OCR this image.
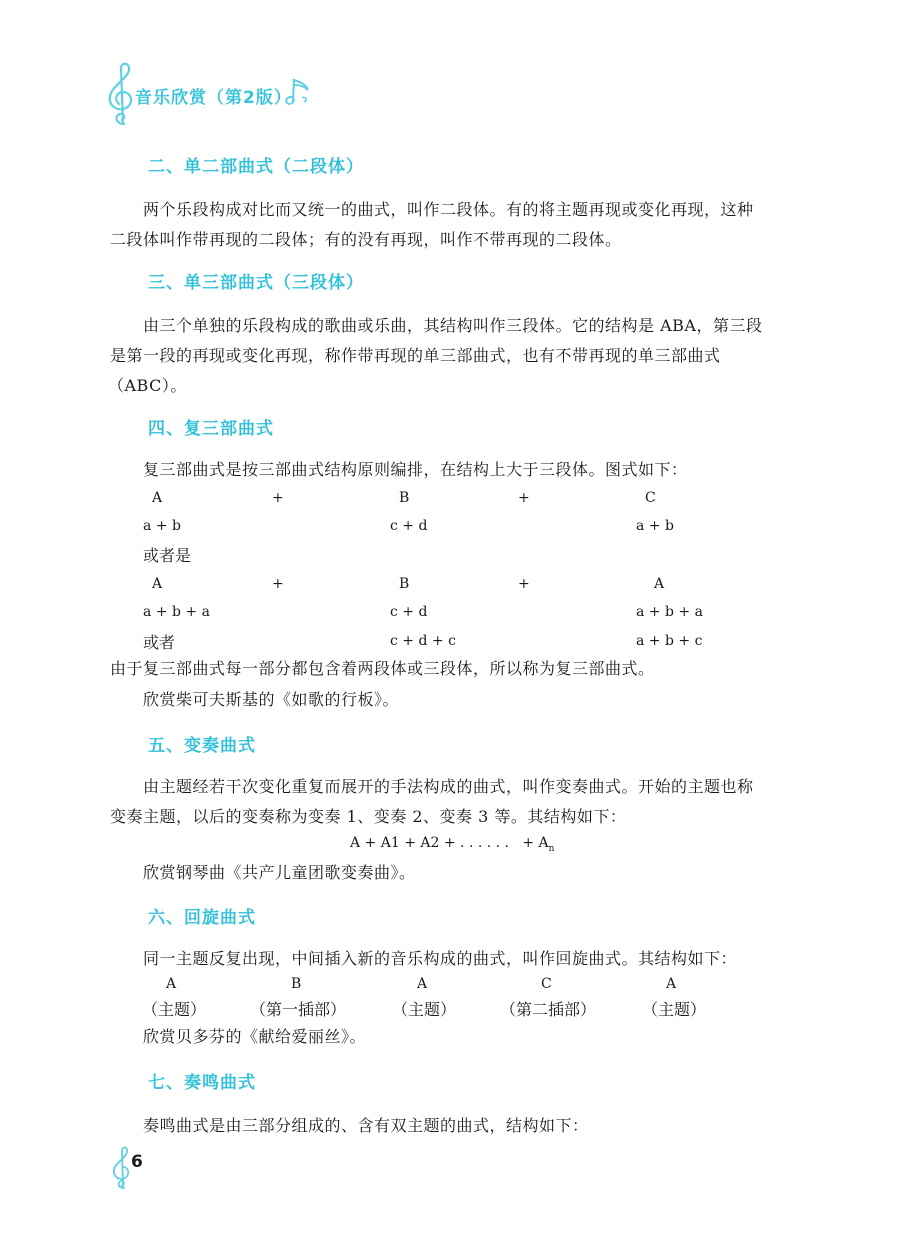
音乐欣赏（第2版）
二、单二部曲式（二段体）
两个乐段构成对比而又统一的曲式，叫作二段体。有的将主题再现或变化再现，这种
二段体叫作带再现的二段体；有的没有再现，叫作不带再现的二段体。
三、单三部曲式（三段体）
由三个单独的乐段构成的歌曲或乐曲，其结构叫作三段体。它的结构是 ABA，第三段
是第一段的再现或变化再现，称作带再现的单三部曲式，也有不带再现的单三部曲式
（ABC）。
四、复三部曲式
复三部曲式是按三部曲式结构原则编排，在结构上大于三段体。图式如下：
A	+	B	+	C
a + b	c + d	a + b
或者是
A	+	B	+	A
a + b + a	c + d	a + b + a
或者	c + d + c	a + b + c
由于复三部曲式每一部分都包含着两段体或三段体，所以称为复三部曲式。
欣赏柴可夫斯基的《如歌的行板》。
五、变奏曲式
由主题经若干次变化重复而展开的手法构成的曲式，叫作变奏曲式。开始的主题也称
变奏主题，以后的变奏称为变奏 1、变奏 2、变奏 3 等。其结构如下：
A + A1 + A2 + . . . . . .   + $A_n$
欣赏钢琴曲《共产儿童团歌变奏曲》。
六、回旋曲式
同一主题反复出现，中间插入新的音乐构成的曲式，叫作回旋曲式。其结构如下：
A	B	A	C	A
（主题）	（第一插部）	（主题）	（第二插部）	（主题）
欣赏贝多芬的《献给爱丽丝》。
七、奏鸣曲式
奏鸣曲式是由三部分组成的、含有双主题的曲式，结构如下：
6
